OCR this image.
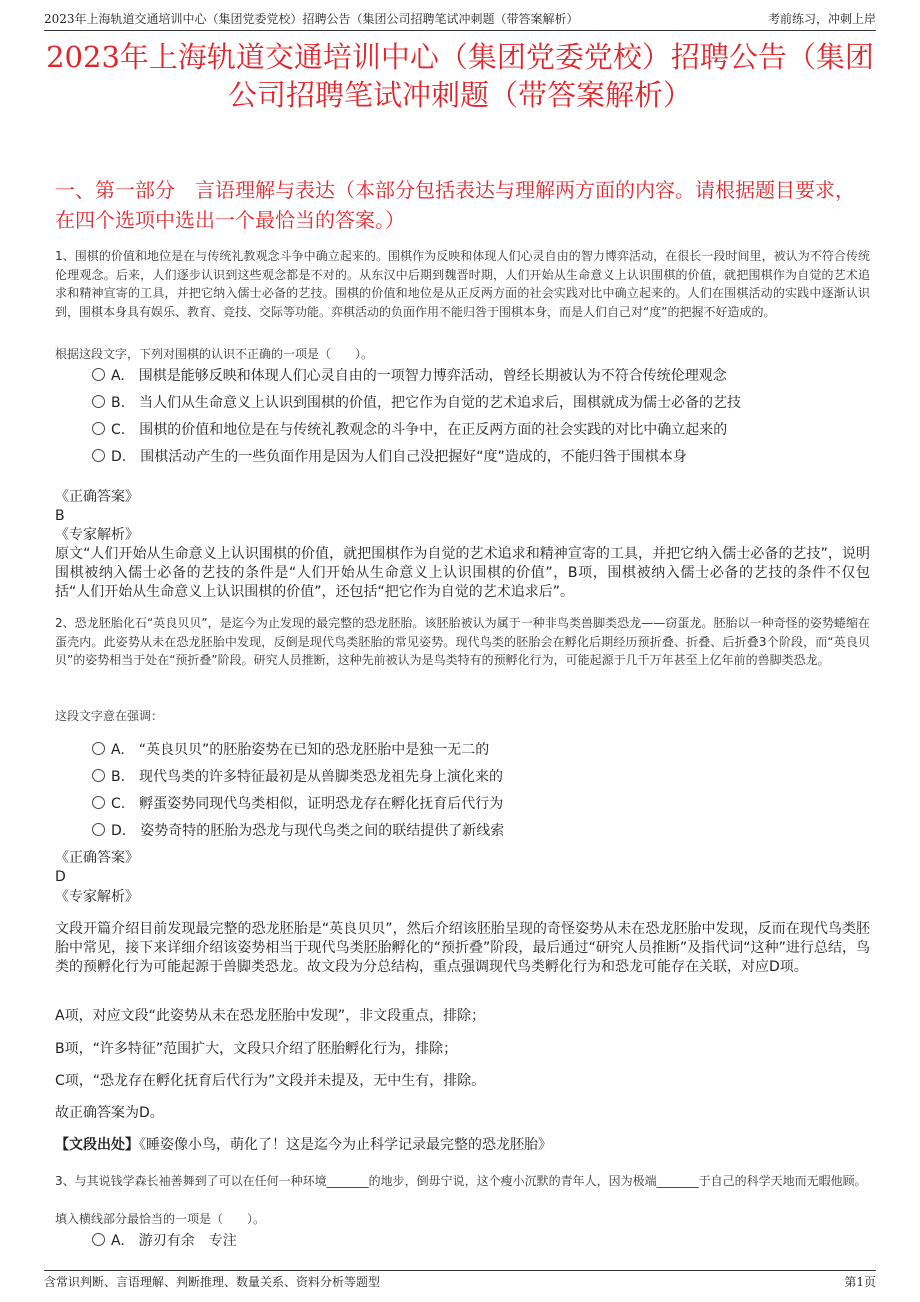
2023年上海轨道交通培训中心（集团党委党校）招聘公告（集团公司招聘笔试冲刺题（带答案解析）	考前练习，冲刺上岸
2023年上海轨道交通培训中心（集团党委党校）招聘公告（集团公司招聘笔试冲刺题（带答案解析）
一、第一部分　言语理解与表达（本部分包括表达与理解两方面的内容。请根据题目要求，在四个选项中选出一个最恰当的答案。）
1、围棋的价值和地位是在与传统礼教观念斗争中确立起来的。围棋作为反映和体现人们心灵自由的智力博弈活动，在很长一段时间里，被认为不符合传统伦理观念。后来，人们逐步认识到这些观念都是不对的。从东汉中后期到魏晋时期，人们开始从生命意义上认识围棋的价值，就把围棋作为自觉的艺术追求和精神宣寄的工具，并把它纳入儒士必备的艺技。围棋的价值和地位是从正反两方面的社会实践对比中确立起来的。人们在围棋活动的实践中逐渐认识到，围棋本身具有娱乐、教育、竞技、交际等功能。弈棋活动的负面作用不能归咎于围棋本身，而是人们自己对“度”的把握不好造成的。
根据这段文字，下列对围棋的认识不正确的一项是（　　）。
A.　围棋是能够反映和体现人们心灵自由的一项智力博弈活动，曾经长期被认为不符合传统伦理观念
B.　当人们从生命意义上认识到围棋的价值，把它作为自觉的艺术追求后，围棋就成为儒士必备的艺技
C.　围棋的价值和地位是在与传统礼教观念的斗争中，在正反两方面的社会实践的对比中确立起来的
D.　围棋活动产生的一些负面作用是因为人们自己没把握好“度”造成的，不能归咎于围棋本身
《正确答案》
B
《专家解析》
原文“人们开始从生命意义上认识围棋的价值，就把围棋作为自觉的艺术追求和精神宣寄的工具，并把它纳入儒士必备的艺技”，说明围棋被纳入儒士必备的艺技的条件是“人们开始从生命意义上认识围棋的价值”，B项，围棋被纳入儒士必备的艺技的条件不仅包括“人们开始从生命意义上认识围棋的价值”，还包括“把它作为自觉的艺术追求后”。
2、恐龙胚胎化石“英良贝贝”，是迄今为止发现的最完整的恐龙胚胎。该胚胎被认为属于一种非鸟类兽脚类恐龙——窃蛋龙。胚胎以一种奇怪的姿势蜷缩在蛋壳内。此姿势从未在恐龙胚胎中发现，反倒是现代鸟类胚胎的常见姿势。现代鸟类的胚胎会在孵化后期经历预折叠、折叠、后折叠3个阶段，而“英良贝贝”的姿势相当于处在“预折叠”阶段。研究人员推断，这种先前被认为是鸟类特有的预孵化行为，可能起源于几千万年甚至上亿年前的兽脚类恐龙。
这段文字意在强调：
A.　“英良贝贝”的胚胎姿势在已知的恐龙胚胎中是独一无二的
B.　现代鸟类的许多特征最初是从兽脚类恐龙祖先身上演化来的
C.　孵蛋姿势同现代鸟类相似，证明恐龙存在孵化抚育后代行为
D.　姿势奇特的胚胎为恐龙与现代鸟类之间的联结提供了新线索
《正确答案》
D
《专家解析》
文段开篇介绍目前发现最完整的恐龙胚胎是“英良贝贝”，然后介绍该胚胎呈现的奇怪姿势从未在恐龙胚胎中发现，反而在现代鸟类胚胎中常见，接下来详细介绍该姿势相当于现代鸟类胚胎孵化的“预折叠”阶段，最后通过“研究人员推断”及指代词“这种”进行总结，鸟类的预孵化行为可能起源于兽脚类恐龙。故文段为分总结构，重点强调现代鸟类孵化行为和恐龙可能存在关联，对应D项。
A项，对应文段“此姿势从未在恐龙胚胎中发现”，非文段重点，排除；
B项，“许多特征”范围扩大，文段只介绍了胚胎孵化行为，排除；
C项，“恐龙存在孵化抚育后代行为”文段并未提及，无中生有，排除。
故正确答案为D。
【文段出处】《睡姿像小鸟，萌化了！这是迄今为止科学记录最完整的恐龙胚胎》
3、与其说钱学森长袖善舞到了可以在任何一种环境_______的地步，倒毋宁说，这个瘦小沉默的青年人，因为极端_______于自己的科学天地而无暇他顾。
填入横线部分最恰当的一项是（　　）。
A.　游刃有余　专注
含常识判断、言语理解、判断推理、数量关系、资料分析等题型	第1页
